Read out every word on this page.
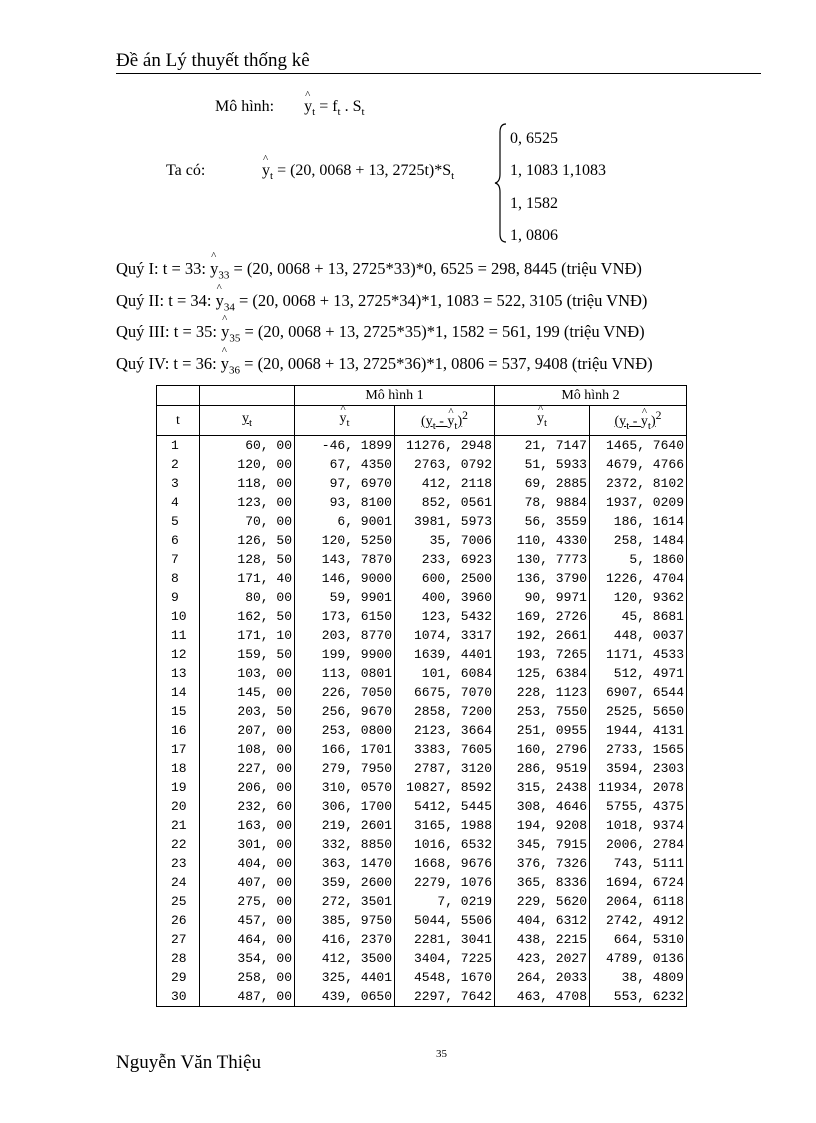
Đề án Lý thuyết thống kê
Mô hình: ^ $y_t = f_t$ . $S_t$
Ta có:	^ $y_t = (20$, 0068 + 13, $2725t)*S_t$
0, 6525
1, 1083 1,1083
1, 1582
1, 0806
Quý I: t = 33: ^ $y_{33} = (20$, 0068 + 13, 2725*33)*0, 6525 = 298, 8445 (triệu VNĐ)
Quý II: t = 34: ^ $y_{34} = (20$, 0068 + 13, 2725*34)*1, 1083 = 522, 3105 (triệu VNĐ)
Quý III: t = 35: ^ $y_{35} = (20$, 0068 + 13, 2725*35)*1, 1582 = 561, 199 (triệu VNĐ)
Quý IV: t = 36: ^ $y_{36} = (20$, 0068 + 13, 2725*36)*1, 0806 = 537, 9408 (triệu VNĐ)
		Mô hình 1		Mô hình 2	
t	$y_t$	^ $y_t$	($y_t$ - ^ $y_t)^2$	^ $y_t$	($y_t$ - ^ $y_t)^2$
1	60, 00	-46, 1899	11276, 2948	21, 7147	1465, 7640
2	120, 00	67, 4350	2763, 0792	51, 5933	4679, 4766
3	118, 00	97, 6970	412, 2118	69, 2885	2372, 8102
4	123, 00	93, 8100	852, 0561	78, 9884	1937, 0209
5	70, 00	6, 9001	3981, 5973	56, 3559	186, 1614
6	126, 50	120, 5250	35, 7006	110, 4330	258, 1484
7	128, 50	143, 7870	233, 6923	130, 7773	5, 1860
8	171, 40	146, 9000	600, 2500	136, 3790	1226, 4704
9	80, 00	59, 9901	400, 3960	90, 9971	120, 9362
10	162, 50	173, 6150	123, 5432	169, 2726	45, 8681
11	171, 10	203, 8770	1074, 3317	192, 2661	448, 0037
12	159, 50	199, 9900	1639, 4401	193, 7265	1171, 4533
13	103, 00	113, 0801	101, 6084	125, 6384	512, 4971
14	145, 00	226, 7050	6675, 7070	228, 1123	6907, 6544
15	203, 50	256, 9670	2858, 7200	253, 7550	2525, 5650
16	207, 00	253, 0800	2123, 3664	251, 0955	1944, 4131
17	108, 00	166, 1701	3383, 7605	160, 2796	2733, 1565
18	227, 00	279, 7950	2787, 3120	286, 9519	3594, 2303
19	206, 00	310, 0570	10827, 8592	315, 2438	11934, 2078
20	232, 60	306, 1700	5412, 5445	308, 4646	5755, 4375
21	163, 00	219, 2601	3165, 1988	194, 9208	1018, 9374
22	301, 00	332, 8850	1016, 6532	345, 7915	2006, 2784
23	404, 00	363, 1470	1668, 9676	376, 7326	743, 5111
24	407, 00	359, 2600	2279, 1076	365, 8336	1694, 6724
25	275, 00	272, 3501	7, 0219	229, 5620	2064, 6118
26	457, 00	385, 9750	5044, 5506	404, 6312	2742, 4912
27	464, 00	416, 2370	2281, 3041	438, 2215	664, 5310
28	354, 00	412, 3500	3404, 7225	423, 2027	4789, 0136
29	258, 00	325, 4401	4548, 1670	264, 2033	38, 4809
30	487, 00	439, 0650	2297, 7642	463, 4708	553, 6232
Nguyễn Văn Thiệu	35
